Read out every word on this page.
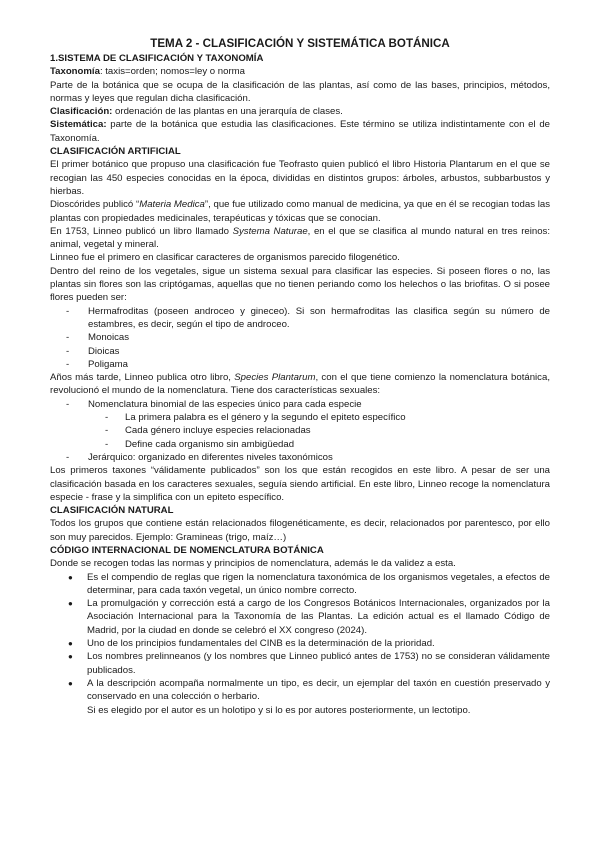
TEMA 2 - CLASIFICACIÓN Y SISTEMÁTICA BOTÁNICA
1.SISTEMA DE CLASIFICACIÓN Y TAXONOMÍA

Taxonomía: taxis=orden; nomos=ley o norma

Parte de la botánica que se ocupa de la clasificación de las plantas, así como de las bases, principios, métodos, normas y leyes que regulan dicha clasificación.

Clasificación: ordenación de las plantas en una jerarquía de clases.

Sistemática: parte de la botánica que estudia las clasificaciones. Este término se utiliza indistintamente con el de Taxonomía.

CLASIFICACIÓN ARTIFICIAL

El primer botánico que propuso una clasificación fue Teofrasto quien publicó el libro Historia Plantarum en el que se recogian las 450 especies conocidas en la época, divididas en distintos grupos: árboles, arbustos, subbarbustos y hierbas.

Dioscórides publicó “Materia Medica”, que fue utilizado como manual de medicina, ya que en él se recogian todas las plantas con propiedades medicinales, terapéuticas y tóxicas que se conocian.

En 1753, Linneo publicó un libro llamado Systema Naturae, en el que se clasifica al mundo natural en tres reinos: animal, vegetal y mineral.

Linneo fue el primero en clasificar caracteres de organismos parecido filogenético.

Dentro del reino de los vegetales, sigue un sistema sexual para clasificar las especies. Si poseen flores o no, las plantas sin flores son las criptógamas, aquellas que no tienen periando como los helechos o las briofitas. O si posee flores pueden ser:

- Hermafroditas (poseen androceo y gineceo). Si son hermafroditas las clasifica según su número de estambres, es decir, según el tipo de androceo.
- Monoicas
- Dioicas
- Poligama

Años más tarde, Linneo publica otro libro, Species Plantarum, con el que tiene comienzo la nomenclatura botánica, revolucionó el mundo de la nomenclatura. Tiene dos características sexuales:

- Nomenclatura binomial de las especies único para cada especie
- La primera palabra es el género y la segundo el epiteto específico
- Cada género incluye especies relacionadas
- Define cada organismo sin ambigüedad
- Jerárquico: organizado en diferentes niveles taxonómicos

Los primeros taxones “válidamente publicados” son los que están recogidos en este libro. A pesar de ser una clasificación basada en los caracteres sexuales, seguía siendo artificial. En este libro, Linneo recoge la nomenclatura especie - frase y la simplifica con un epiteto específico.

CLASIFICACIÓN NATURAL

Todos los grupos que contiene están relacionados filogenéticamente, es decir, relacionados por parentesco, por ello son muy parecidos. Ejemplo: Gramineas (trigo, maíz…)

CÓDIGO INTERNACIONAL DE NOMENCLATURA BOTÁNICA

Donde se recogen todas las normas y principios de nomenclatura, además le da validez a esta.

● Es el compendio de reglas que rigen la nomenclatura taxonómica de los organismos vegetales, a efectos de determinar, para cada taxón vegetal, un único nombre correcto.
● La promulgación y corrección está a cargo de los Congresos Botánicos Internacionales, organizados por la Asociación Internacional para la Taxonomía de las Plantas. La edición actual es el llamado Código de Madrid, por la ciudad en donde se celebró el XX congreso (2024).
● Uno de los principios fundamentales del CINB es la determinación de la prioridad.
● Los nombres prelinneanos (y los nombres que Linneo publicó antes de 1753) no se consideran válidamente publicados.
● A la descripción acompaña normalmente un tipo, es decir, un ejemplar del taxón en cuestión preservado y conservado en una colección o herbario.
Si es elegido por el autor es un holotipo y si lo es por autores posteriormente, un lectotipo.
